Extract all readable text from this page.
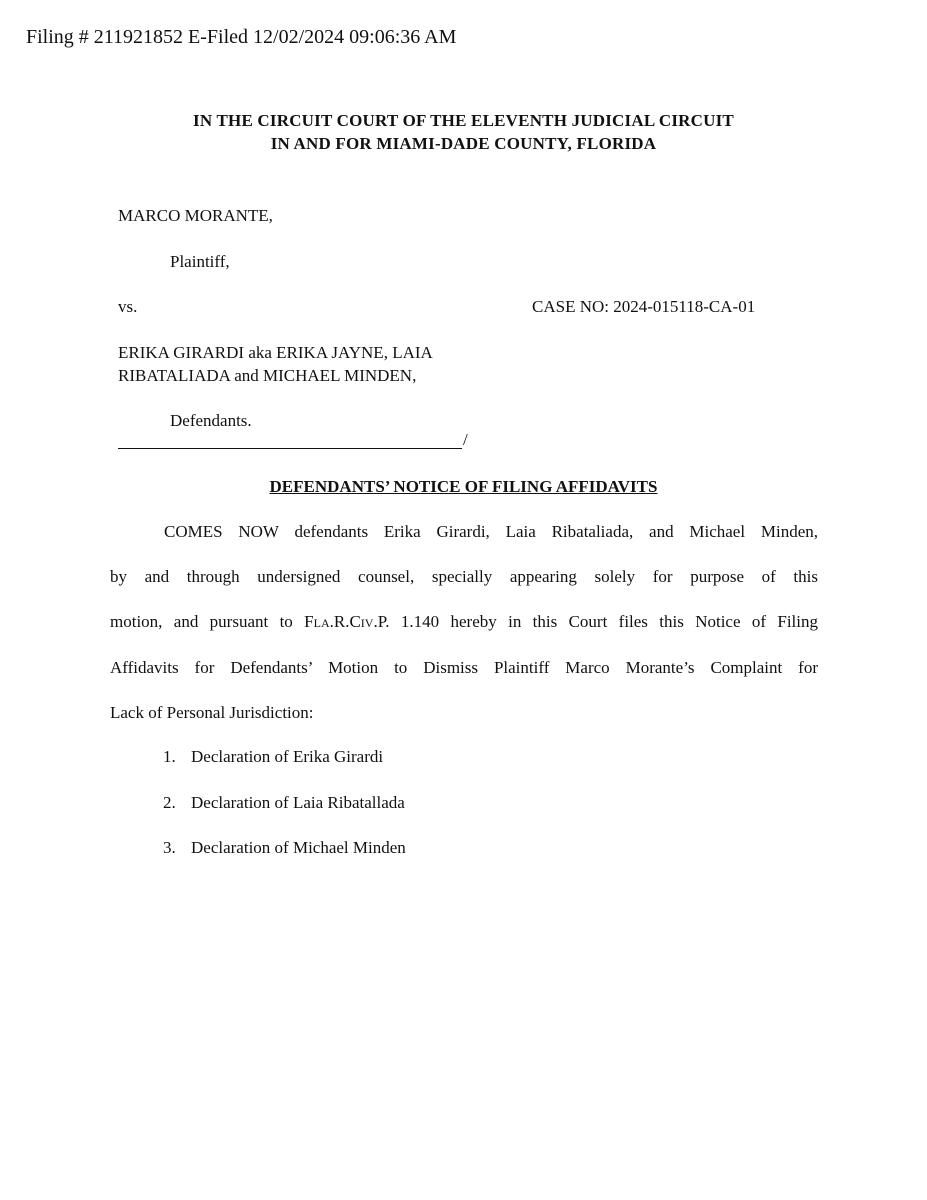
Filing # 211921852 E-Filed 12/02/2024 09:06:36 AM
IN THE CIRCUIT COURT OF THE ELEVENTH JUDICIAL CIRCUIT
IN AND FOR MIAMI-DADE COUNTY, FLORIDA
MARCO MORANTE,
Plaintiff,
vs.	CASE NO: 2024-015118-CA-01
ERIKA GIRARDI aka ERIKA JAYNE, LAIA
RIBATALIADA and MICHAEL MINDEN,
Defendants.
/
DEFENDANTS’ NOTICE OF FILING AFFIDAVITS
COMES NOW defendants Erika Girardi, Laia Ribataliada, and Michael Minden,
by and through undersigned counsel, specially appearing solely for purpose of this
motion, and pursuant to Fla.R.Civ.P. 1.140 hereby in this Court files this Notice of Filing
Affidavits for Defendants’ Motion to Dismiss Plaintiff Marco Morante’s Complaint for
Lack of Personal Jurisdiction:
1. Declaration of Erika Girardi
2. Declaration of Laia Ribatallada
3. Declaration of Michael Minden
